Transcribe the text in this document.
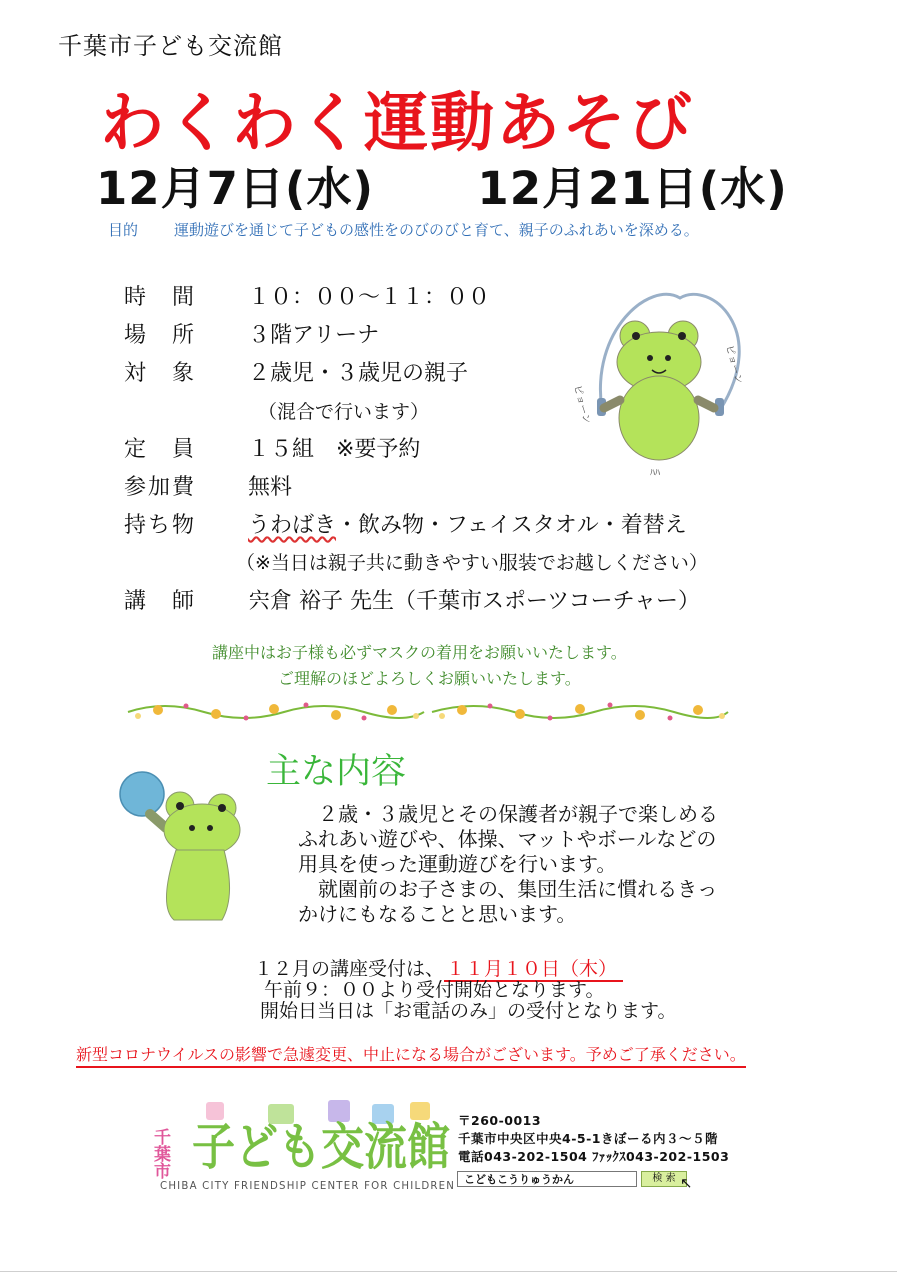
千葉市子ども交流館
わくわく運動あそび
12月7日(水) 12月21日(水)
目的 運動遊びを通じて子どもの感性をのびのびと育て、親子のふれあいを深める。
時　間 １０：００～１１：００
場　所 ３階アリーナ
対　象 ２歳児・３歳児の親子
（混合で行います）
定　員 １５組　※要予約
参加費 無料
持ち物 うわばき・飲み物・フェイスタオル・着替え
（※当日は親子共に動きやすい服装でお越しください）
講　師 宍倉 裕子 先生（千葉市スポーツコーチャー）
ピョーン
ピョーン
ﾊﾊ
講座中はお子様も必ずマスクの着用をお願いいたします。
ご理解のほどよろしくお願いいたします。
主な内容
　２歳・３歳児とその保護者が親子で楽しめる
ふれあい遊びや、体操、マットやボールなどの
用具を使った運動遊びを行います。
　就園前のお子さまの、集団生活に慣れるきっ
かけにもなることと思います。
１２月の講座受付は、 １１月１０日（木）
午前９：００より受付開始となります。
開始日当日は「お電話のみ」の受付となります。
新型コロナウイルスの影響で急遽変更、中止になる場合がございます。予めご了承ください。
千葉市 子ども交流館
CHIBA CITY FRIENDSHIP CENTER FOR CHILDREN
〒260-0013
千葉市中央区中央4-5-1きぼーる内３～５階
電話043-202-1504 ﾌｧｯｸｽ043-202-1503
こどもこうりゅうかん	検 索 ↖
